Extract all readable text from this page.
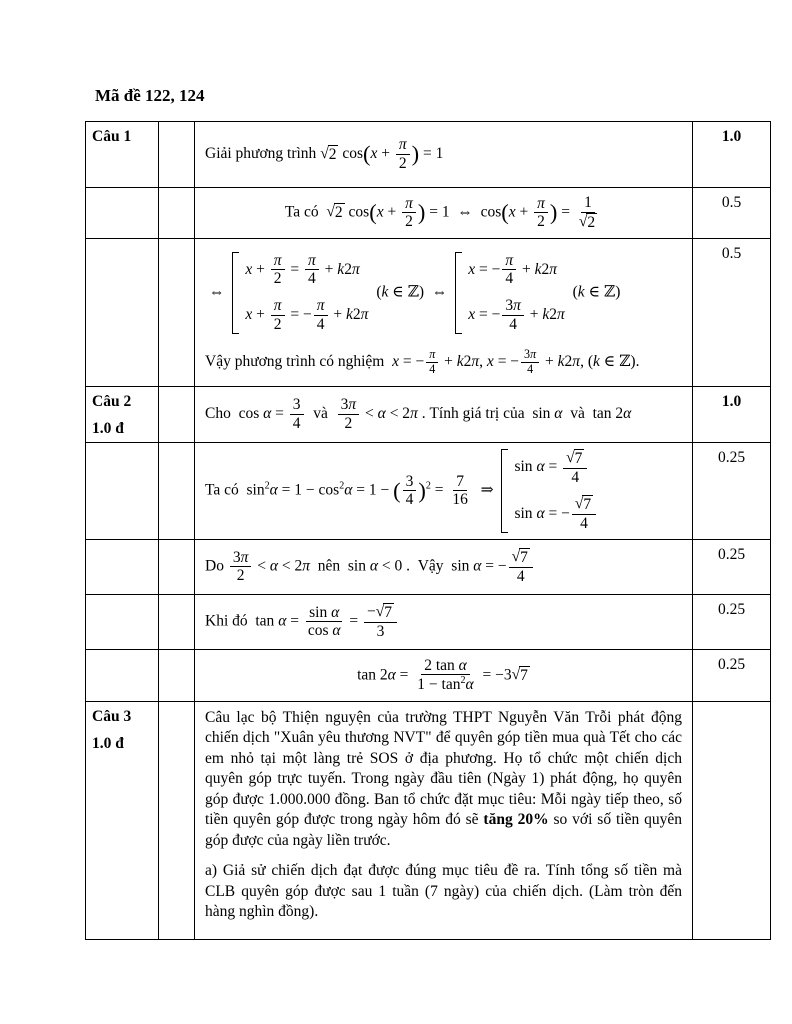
Mã đề 122, 124
Câu 1

Giải phương trình √ 2 $\cos(x + \frac{\pi}{2}$ ) = 1
	1.0

Ta có √ 2 $\cos(x + \frac{\pi}{2}$ ) = 1  ⇔  $\cos(x + \frac{\pi}{2}$ ) = $\frac{1}{√ 2}$	0.5

⇔
$x + \frac{\pi}{2} = \frac{\pi}{4} + k$ 2 π
$x + \frac{\pi}{2}$ = − $\frac{\pi}{4} + k$ 2 π
(k ∈ ℤ)  ⇔
x = − $\frac{\pi}{4} + k$ 2 π
x = − $\frac{3\pi}{4} + k$ 2 π
(k ∈ ℤ)
Vậy phương trình có nghiệm  x = − $\frac{\pi}{4} + k2\pi$, x = − $\frac{3\pi}{4} + k2\pi$, (k ∈ ℤ).
	0.5

Câu 2
1.0 đ

Cho  $\cos \alpha = \frac{3}{4}$ và $\frac{3\pi}{2} < \alpha < 2\pi$ . Tính giá trị của  sin α  và  tan 2α
	1.0

Ta có  $\sin^2\alpha = 1 - \cos^2\alpha = 1$ − ( $\frac{3}{4} )^2 = \frac{7}{16}$ ⇒
$\sin \alpha = \frac{√ 7}{4}$
sin α = − $\frac{√ 7}{4}$
	0.25

Do $\frac{3\pi}{2} < \alpha < 2\pi$  nên  sin α < 0 .  Vậy  sin α = − $\frac{√ 7}{4}$	0.25

Khi đó  $\tan \alpha = \frac{\text{sin α}}{\text{cos α}} = \frac{- √ 7}{3}$	0.25

$\tan 2\alpha = \frac{\text{2 tan α}}{1 - \tan^2\alpha} = -3$ √ 7
	0.25

Câu 3
1.0 đ

Câu lạc bộ Thiện nguyện của trường THPT Nguyễn Văn Trỗi phát động chiến dịch "Xuân yêu thương NVT" để quyên góp tiền mua quà Tết cho các em nhỏ tại một làng trẻ SOS ở địa phương. Họ tổ chức một chiến dịch quyên góp trực tuyến. Trong ngày đầu tiên (Ngày 1) phát động, họ quyên góp được 1.000.000 đồng. Ban tổ chức đặt mục tiêu: Mỗi ngày tiếp theo, số tiền quyên góp được trong ngày hôm đó sẽ tăng 20% so với số tiền quyên góp được của ngày liền trước.

a) Giả sử chiến dịch đạt được đúng mục tiêu đề ra. Tính tổng số tiền mà CLB quyên góp được sau 1 tuần (7 ngày) của chiến dịch. (Làm tròn đến hàng nghìn đồng).
